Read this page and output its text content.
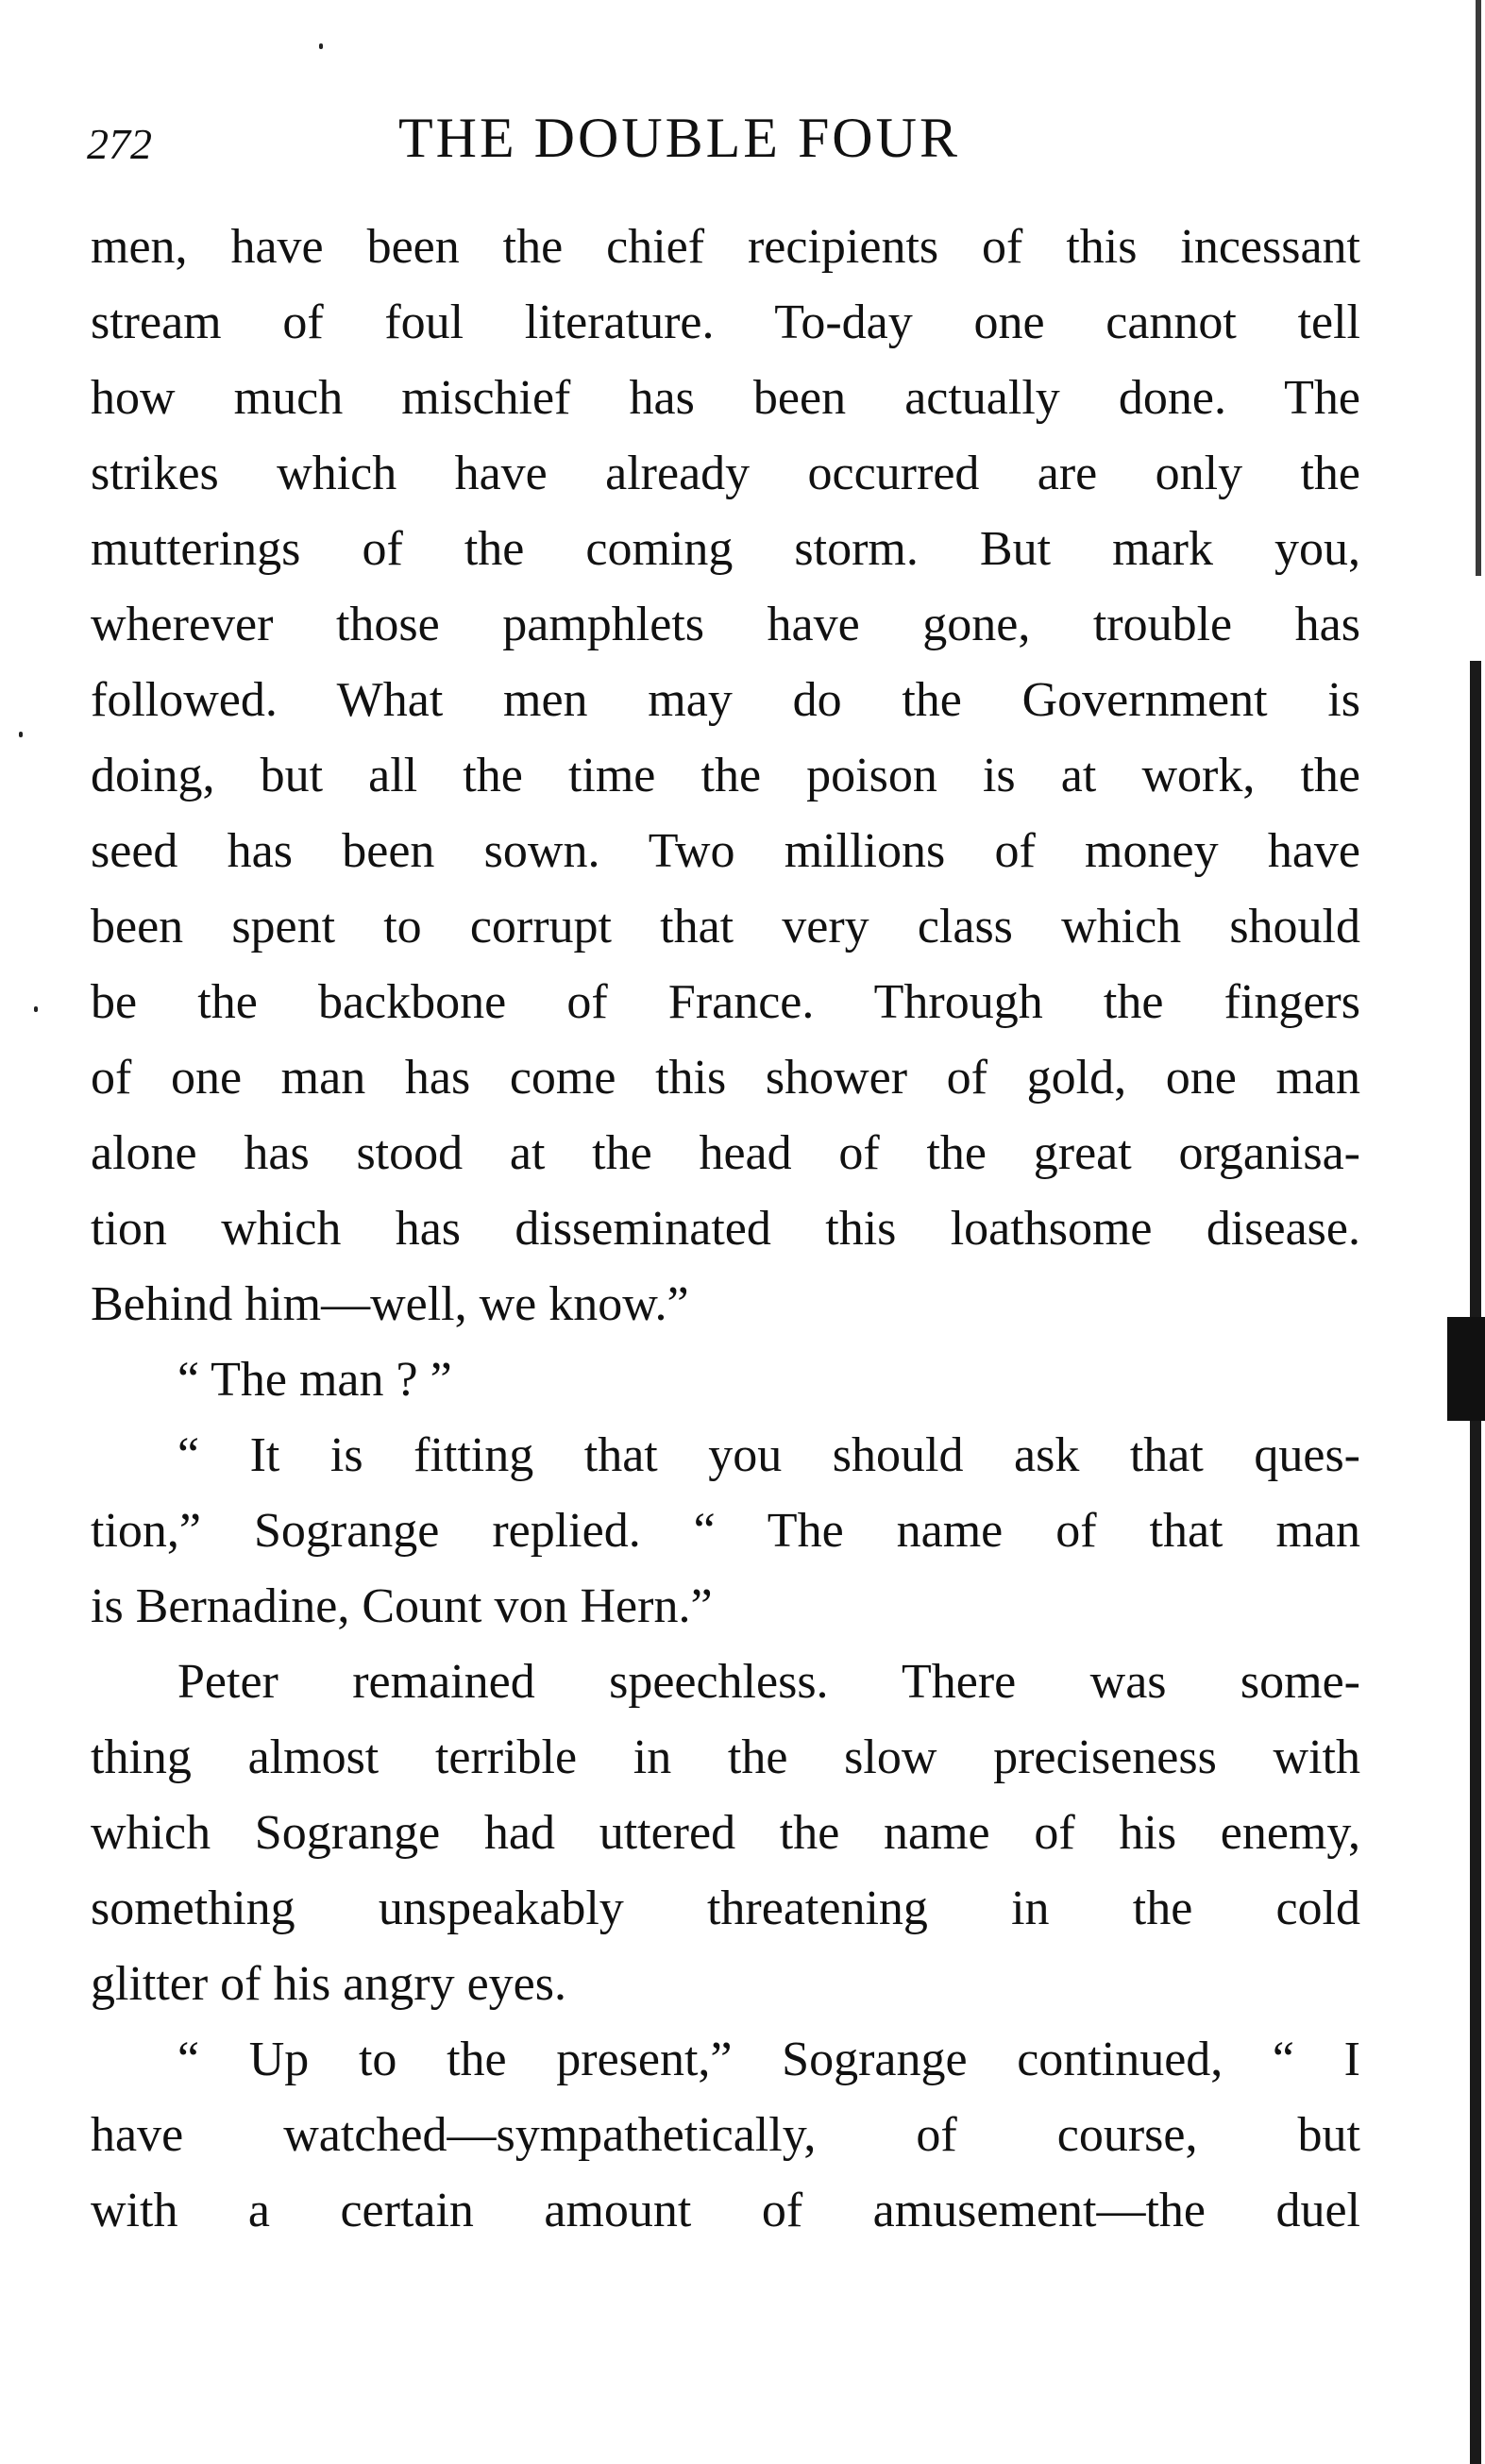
272	THE DOUBLE FOUR
men, have been the chief recipients of this incessant
stream of foul literature. To-day one cannot tell
how much mischief has been actually done. The
strikes which have already occurred are only the
mutterings of the coming storm. But mark you,
wherever those pamphlets have gone, trouble has
followed. What men may do the Government is
doing, but all the time the poison is at work, the
seed has been sown. Two millions of money have
been spent to corrupt that very class which should
be the backbone of France. Through the fingers
of one man has come this shower of gold, one man
alone has stood at the head of the great organisa-
tion which has disseminated this loathsome disease.
Behind him—well, we know.”
“ The man ? ”
“ It is fitting that you should ask that ques-
tion,” Sogrange replied. “ The name of that man
is Bernadine, Count von Hern.”
Peter remained speechless. There was some-
thing almost terrible in the slow preciseness with
which Sogrange had uttered the name of his enemy,
something unspeakably threatening in the cold
glitter of his angry eyes.
“ Up to the present,” Sogrange continued, “ I
have watched—sympathetically, of course, but
with a certain amount of amusement—the duel
